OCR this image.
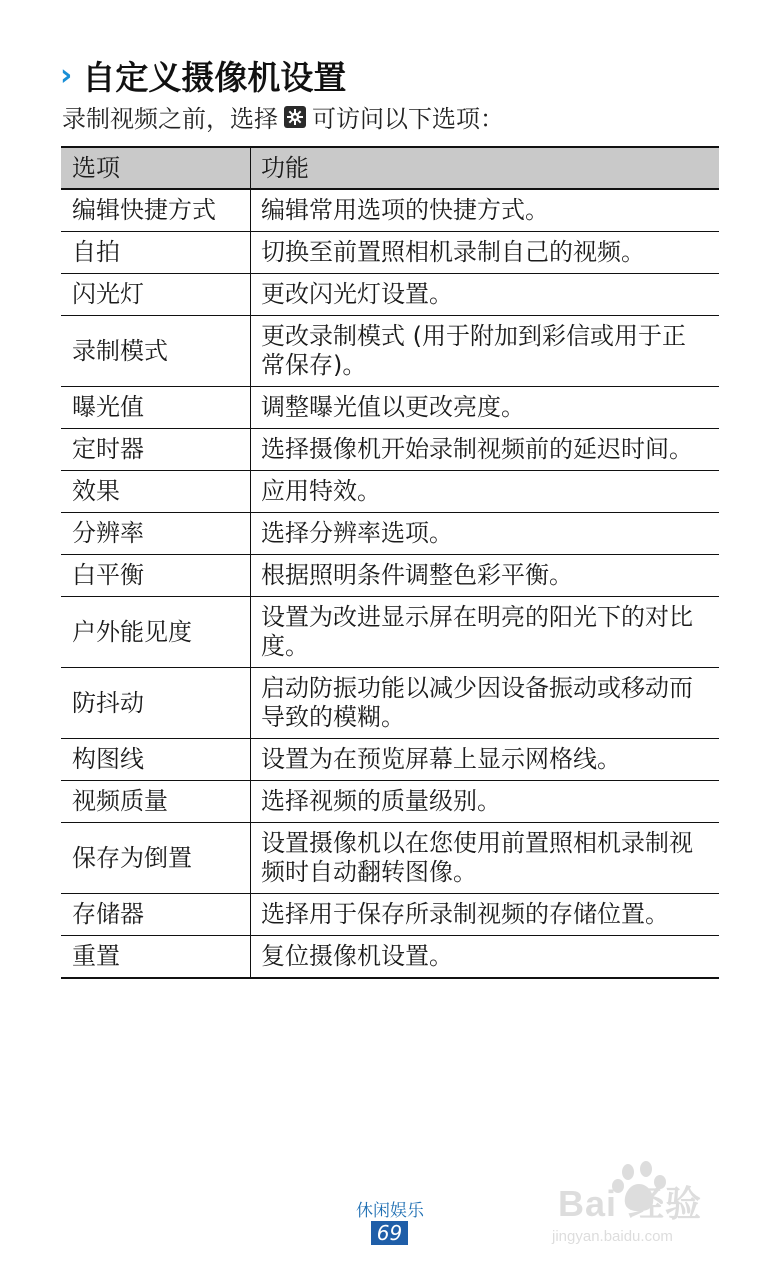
› 自定义摄像机设置
录制视频之前，选择 可访问以下选项：
选项	功能
编辑快捷方式	编辑常用选项的快捷方式。
自拍	切换至前置照相机录制自己的视频。
闪光灯	更改闪光灯设置。
录制模式	更改录制模式 (用于附加到彩信或用于正常保存)。
曝光值	调整曝光值以更改亮度。
定时器	选择摄像机开始录制视频前的延迟时间。
效果	应用特效。
分辨率	选择分辨率选项。
白平衡	根据照明条件调整色彩平衡。
户外能见度	设置为改进显示屏在明亮的阳光下的对比度。
防抖动	启动防振功能以减少因设备振动或移动而导致的模糊。
构图线	设置为在预览屏幕上显示网格线。
视频质量	选择视频的质量级别。
保存为倒置	设置摄像机以在您使用前置照相机录制视频时自动翻转图像。
存储器	选择用于保存所录制视频的存储位置。
重置	复位摄像机设置。
休闲娱乐
69
Bai 经验
jingyan.baidu.com
